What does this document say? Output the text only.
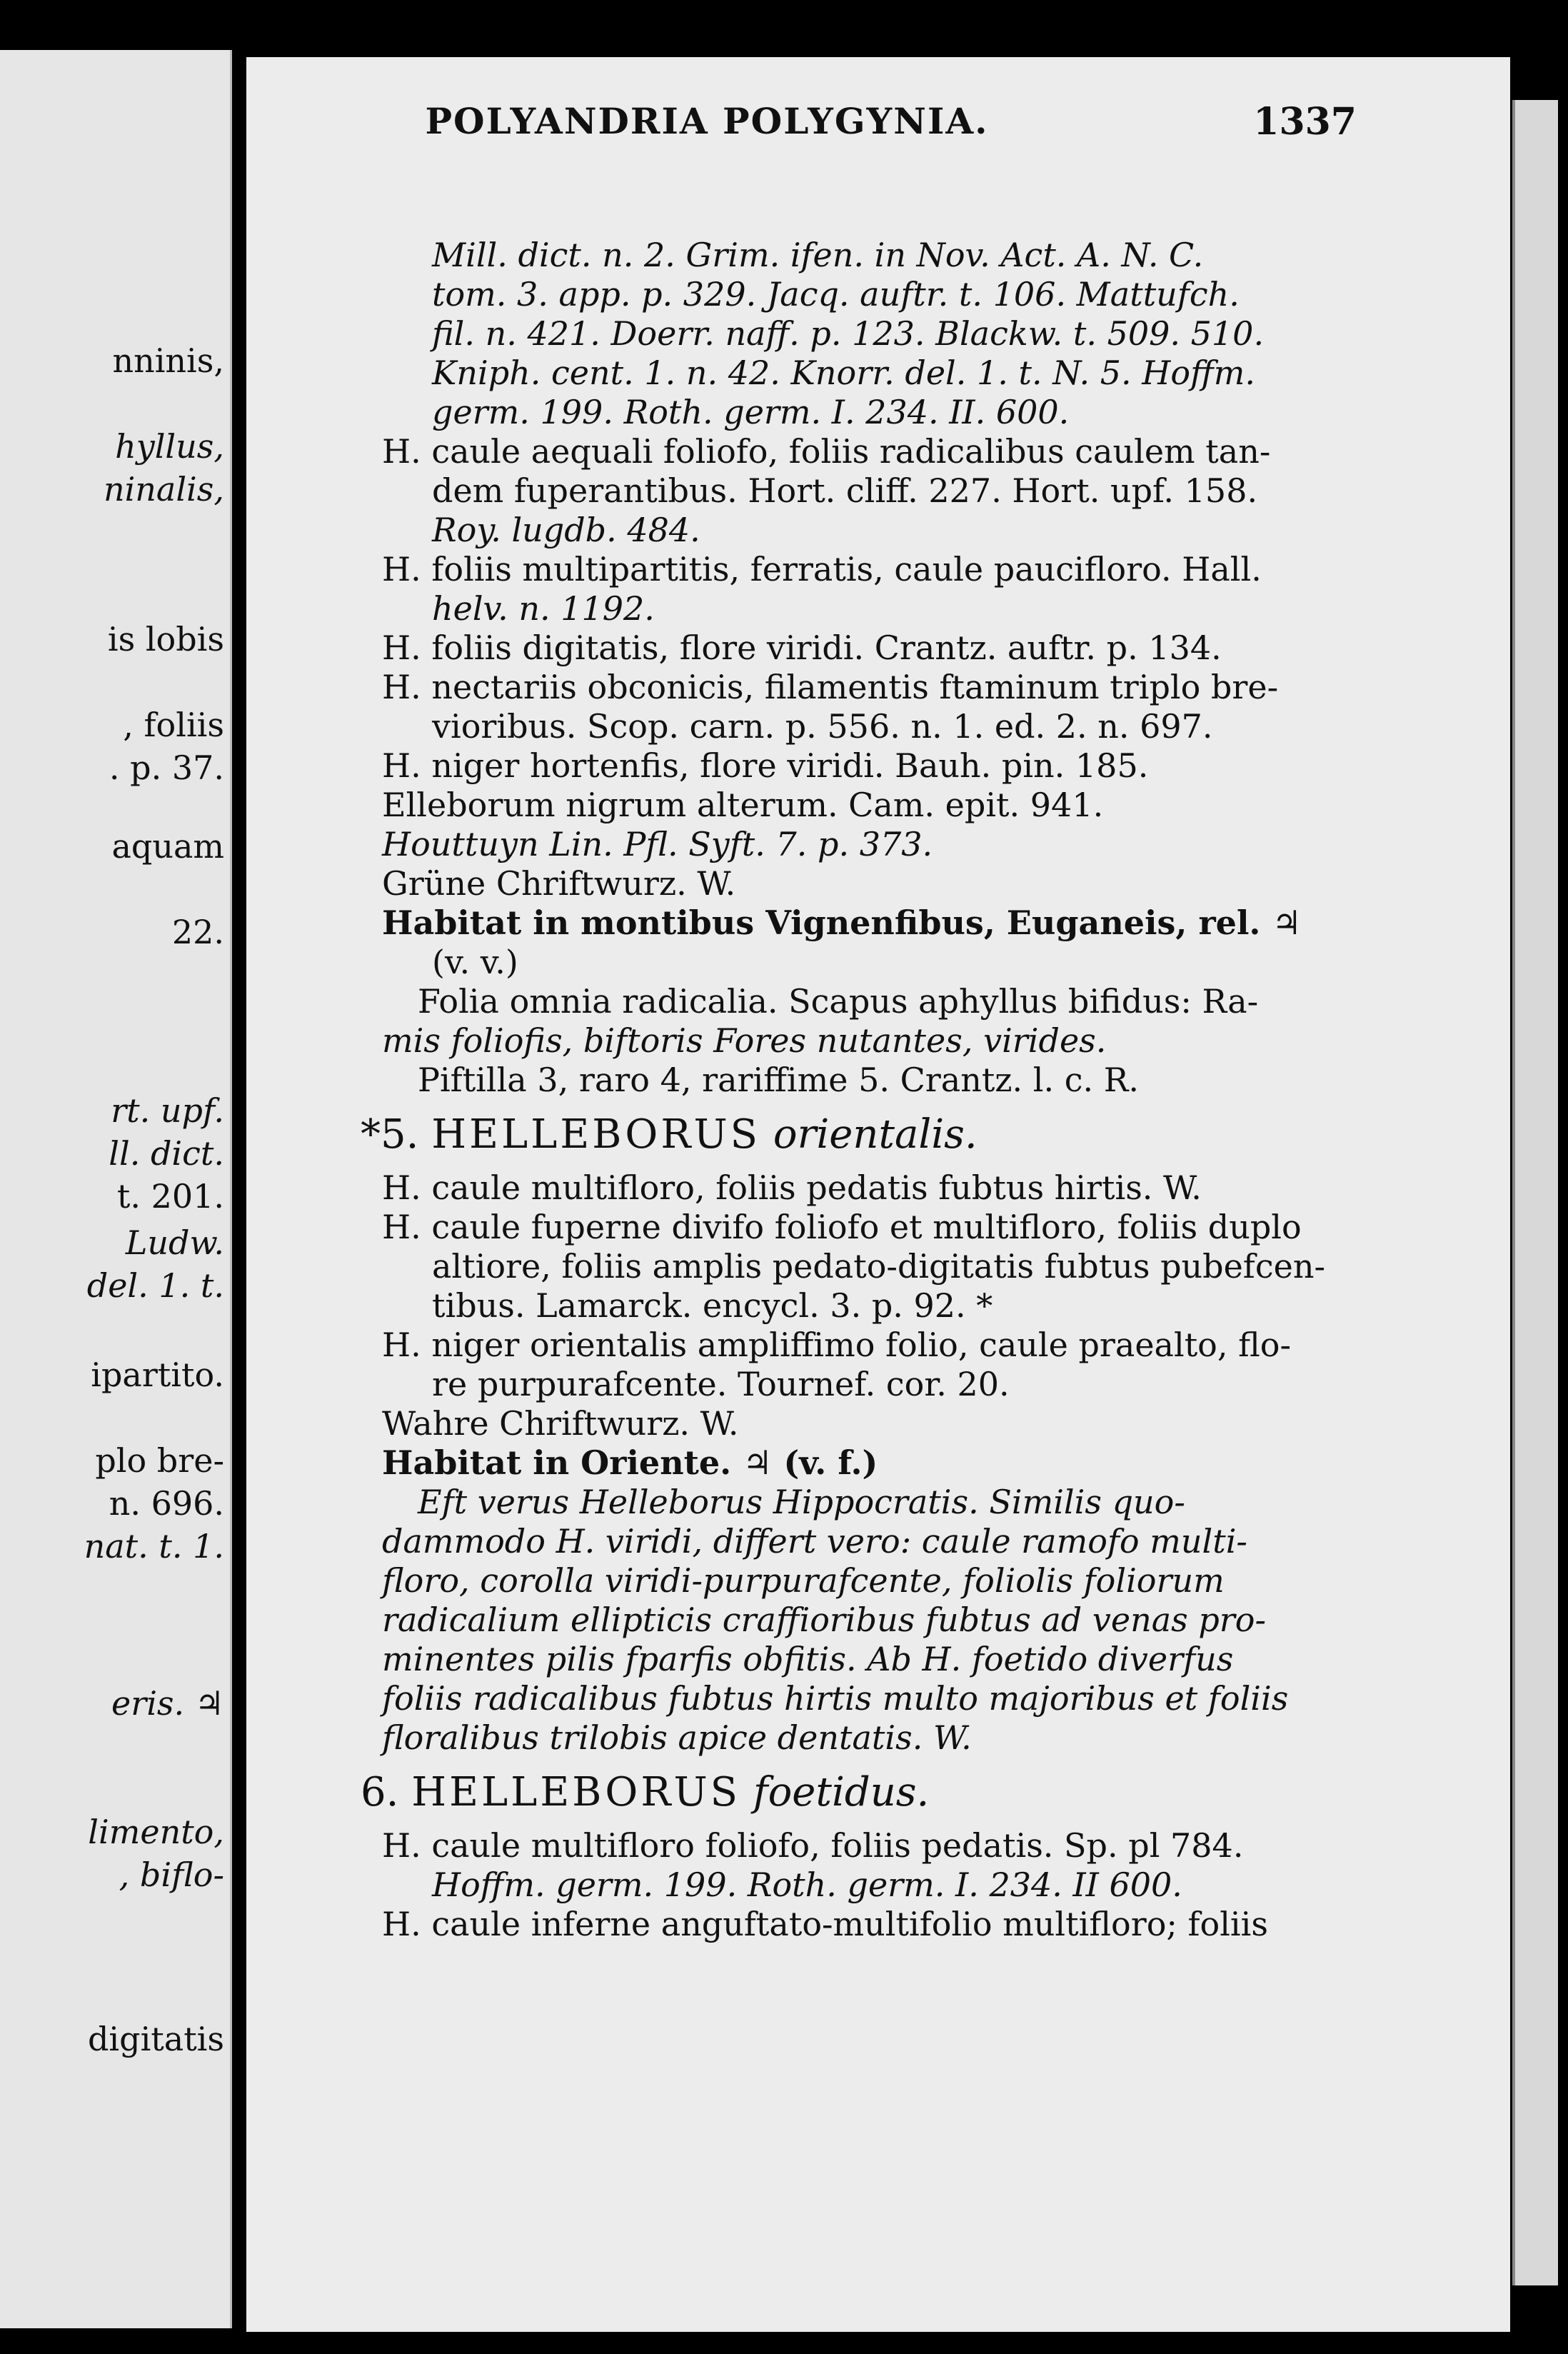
nninis,
hyllus,
ninalis,
is lobis
, foliis
. p. 37.
aquam
22.
rt. upf.
ll. dict.
t. 201.
Ludw.
del. 1. t.
ipartito.
plo bre-
n. 696.
nat. t. 1.
eris. ♃
limento,
, biflo-
digitatis
POLYANDRIA POLYGYNIA.	1337
Mill. dict. n. 2. Grim. ifen. in Nov. Act. A. N. C.
tom. 3. app. p. 329. Jacq. auftr. t. 106. Mattufch.
fil. n. 421. Doerr. naff. p. 123. Blackw. t. 509. 510.
Kniph. cent. 1. n. 42. Knorr. del. 1. t. N. 5. Hoffm.
germ. 199. Roth. germ. I. 234. II. 600.
H. caule aequali foliofo, foliis radicalibus caulem tan-
dem fuperantibus. Hort. cliff. 227. Hort. upf. 158.
Roy. lugdb. 484.
H. foliis multipartitis, ferratis, caule paucifloro. Hall.
helv. n. 1192.
H. foliis digitatis, flore viridi. Crantz. auftr. p. 134.
H. nectariis obconicis, filamentis ftaminum triplo bre-
vioribus. Scop. carn. p. 556. n. 1. ed. 2. n. 697.
H. niger hortenfis, flore viridi. Bauh. pin. 185.
Elleborum nigrum alterum. Cam. epit. 941.
Houttuyn Lin. Pfl. Syft. 7. p. 373.
Grüne Chriftwurz. W.
Habitat in montibus Vignenfibus, Euganeis, rel. ♃
(v. v.)
Folia omnia radicalia. Scapus aphyllus bifidus: Ra-
mis foliofis, biftoris Fores nutantes, virides.
Piftilla 3, raro 4, rariffime 5. Crantz. l. c. R.
*5. HELLEBORUS orientalis.
H. caule multifloro, foliis pedatis fubtus hirtis. W.
H. caule fuperne divifo foliofo et multifloro, foliis duplo
altiore, foliis amplis pedato-digitatis fubtus pubefcen-
tibus. Lamarck. encycl. 3. p. 92. *
H. niger orientalis ampliffimo folio, caule praealto, flo-
re purpurafcente. Tournef. cor. 20.
Wahre Chriftwurz. W.
Habitat in Oriente. ♃ (v. f.)
Eft verus Helleborus Hippocratis. Similis quo-
dammodo H. viridi, differt vero: caule ramofo multi-
floro, corolla viridi-purpurafcente, foliolis foliorum
radicalium ellipticis craffioribus fubtus ad venas pro-
minentes pilis fparfis obfitis. Ab H. foetido diverfus
foliis radicalibus fubtus hirtis multo majoribus et foliis
floralibus trilobis apice dentatis. W.
6. HELLEBORUS foetidus.
H. caule multifloro foliofo, foliis pedatis. Sp. pl 784.
Hoffm. germ. 199. Roth. germ. I. 234. II 600.
H. caule inferne anguftato-multifolio multifloro; foliis
